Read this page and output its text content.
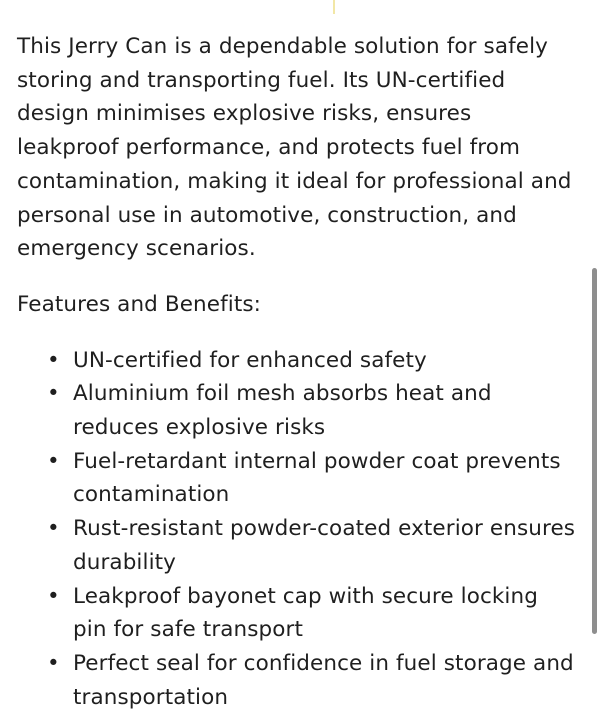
This Jerry Can is a dependable solution for safely storing and transporting fuel. Its UN-certified design minimises explosive risks, ensures leakproof performance, and protects fuel from contamination, making it ideal for professional and personal use in automotive, construction, and emergency scenarios.

Features and Benefits:

• UN-certified for enhanced safety
• Aluminium foil mesh absorbs heat and reduces explosive risks
• Fuel-retardant internal powder coat prevents contamination
• Rust-resistant powder-coated exterior ensures durability
• Leakproof bayonet cap with secure locking pin for safe transport
• Perfect seal for confidence in fuel storage and transportation
